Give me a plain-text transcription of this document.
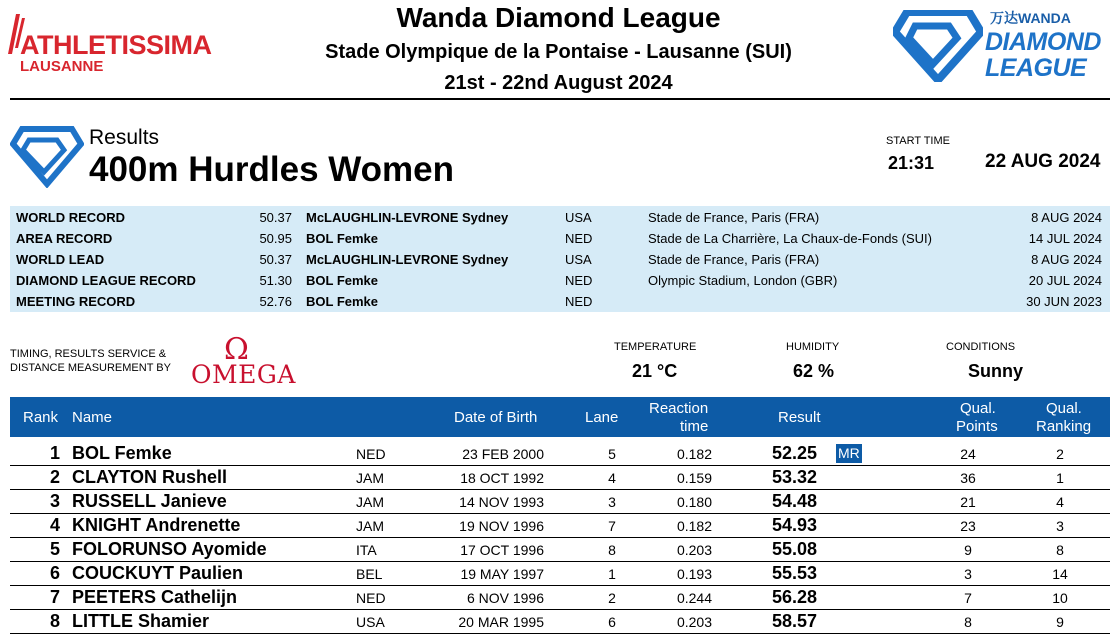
ATHLETISSIMA
LAUSANNE
Wanda Diamond League
Stade Olympique de la Pontaise - Lausanne (SUI)
21st - 22nd August 2024
万达WANDA
DIAMOND
LEAGUE
Results
400m Hurdles Women
START TIME
21:31	22 AUG 2024
WORLD RECORD	50.37 McLAUGHLIN-LEVRONE Sydney	USA	Stade de France, Paris (FRA)	8 AUG 2024
AREA RECORD	50.95 BOL Femke	NED	Stade de La Charrière, La Chaux-de-Fonds (SUI)	14 JUL 2024
WORLD LEAD	50.37 McLAUGHLIN-LEVRONE Sydney	USA	Stade de France, Paris (FRA)	8 AUG 2024
DIAMOND LEAGUE RECORD	51.30 BOL Femke	NED	Olympic Stadium, London (GBR)	20 JUL 2024
MEETING RECORD	52.76 BOL Femke	NED	30 JUN 2023
TIMING, RESULTS SERVICE &
DISTANCE MEASUREMENT BY
Ω
OMEGA
TEMPERATURE
21 °C
HUMIDITY
62 %
CONDITIONS
Sunny
Rank Name	Date of Birth	Lane
Reaction
time
Result
Qual.
Points
Qual.
Ranking
1 BOL Femke	NED	23 FEB 2000	5	0.182	52.25	MR	24	2
2 CLAYTON Rushell	JAM	18 OCT 1992	4	0.159	53.32	36	1
3 RUSSELL Janieve	JAM	14 NOV 1993	3	0.180	54.48	21	4
4 KNIGHT Andrenette	JAM	19 NOV 1996	7	0.182	54.93	23	3
5 FOLORUNSO Ayomide	ITA	17 OCT 1996	8	0.203	55.08	9	8
6 COUCKUYT Paulien	BEL	19 MAY 1997	1	0.193	55.53	3	14
7 PEETERS Cathelijn	NED	6 NOV 1996	2	0.244	56.28	7	10
8 LITTLE Shamier	USA	20 MAR 1995	6	0.203	58.57	8	9
